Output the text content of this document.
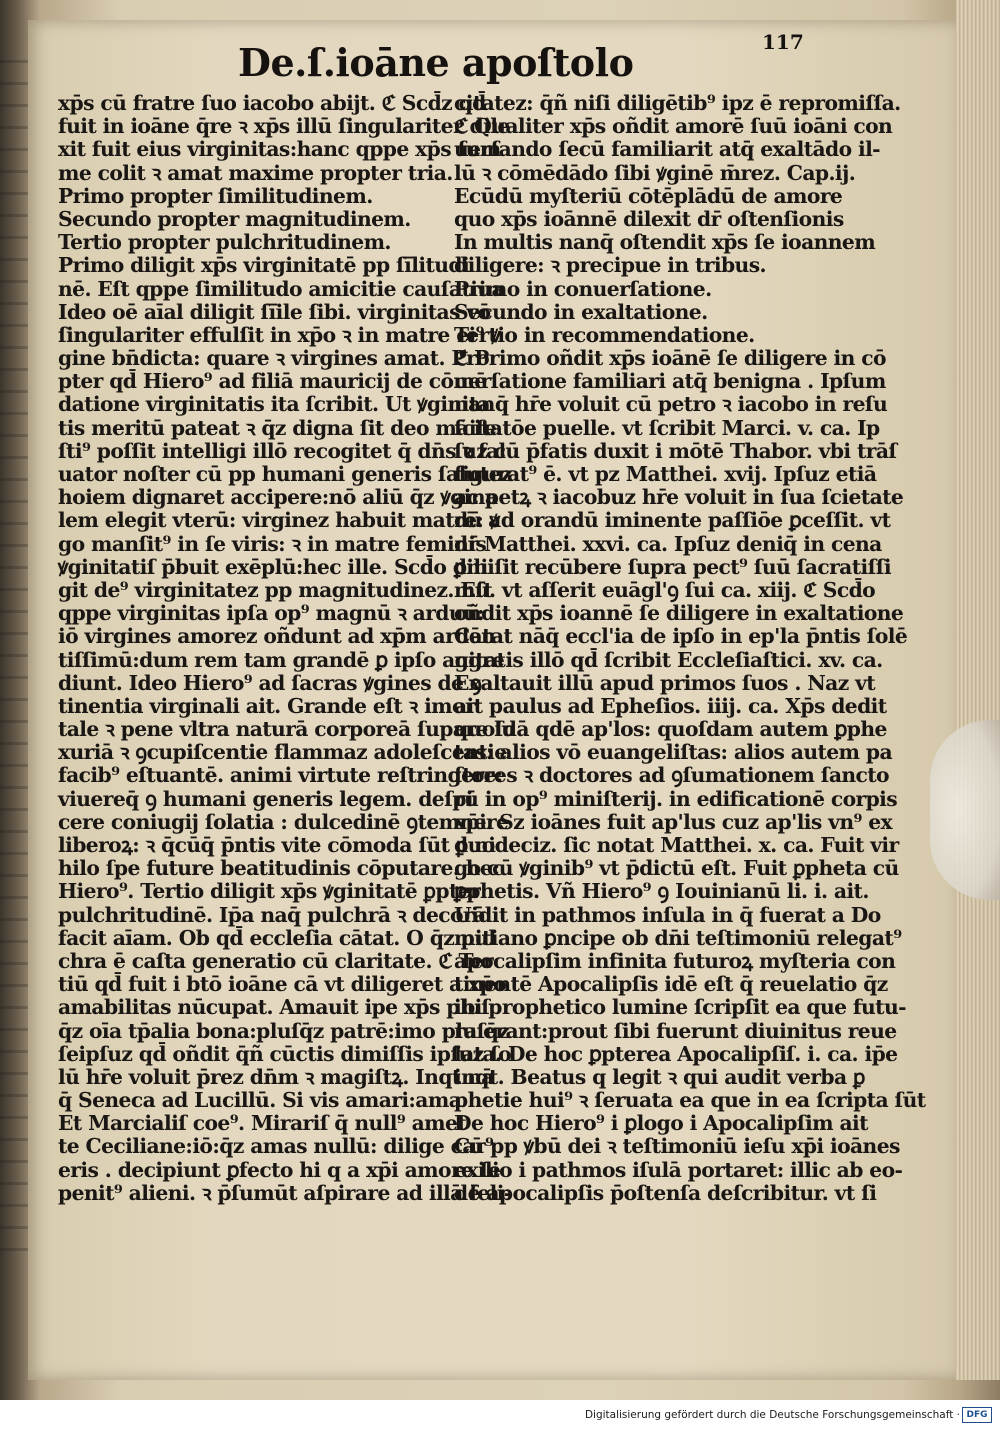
De.ſ.ioāne apoſtolo	117
xp̄s cū fratre ſuo iacobo abijt. ℭ Scd̄z qd̄
fuit in ioāne q̄re ꝛ xp̄s illū ſingulariter dile
xit fuit eius virginitas:hanc qppe xp̄s ſum
me colit ꝛ amat maxime propter tria.
Primo propter ſimilitudinem.
Secundo propter magnitudinem.
Tertio propter pulchritudinem.
Primo diligit xp̄s virginitatē pp ſi̅litudi
nē. Eſt qppe ſimilitudo amicitie cauſatiua
Ideo oē aīal diligit ſi̅ile ſibi. virginitas vō
ſingulariter effulſit in xp̄o ꝛ in matre ei⁹ ꝟ
gine bn̄dicta: quare ꝛ virgines amat. Pro
pter qd̄ Hiero⁹ ad filiā mauricij de cōmē
datione virginitatis ita ſcribit. Ut ꝟginita
tis meritū pateat ꝛ q̄z digna ſit deo māife
ſti⁹ poſſit intelligi illō recogitet q̄ dn̄s ꝛ ſal
uator noſter cū pp humani generis ſalutez
hoiem dignaret accipere:nō aliū q̄z ꝟgina
lem elegit vterū: virginez habuit matrē: ꝟ
go manſit⁹ in ſe viris: ꝛ in matre feminis
ꝟginitatiſ p̄buit exēplū:hec ille. Scd̄o dili
git de⁹ virginitatez pp magnitudinez. Eſt
qppe virginitas ipſa op⁹ magnū ꝛ arduū:
iō virgines amorez oñdunt ad xp̄m arden
tiſſimū:dum rem tam grandē ꝑ ipſo aggre
diunt. Ideo Hiero⁹ ad ſacras ꝟgines de ꝯ
tinentia virginali ait. Grande eſt ꝛ imor
tale ꝛ pene vltra naturā corporeā ſupare lu
xuriā ꝛ ꝯcupiſcentie flammaz adoleſcentie
facib⁹ eſtuantē. animi virtute reſtringere:
viuereq̄ ꝯ humani generis legem. deſpi
cere coniugij ſolatia : dulcedinē ꝯtemnere
liberoꝝ: ꝛ q̄cūq̄ p̄ntis vite cōmoda ſūt ꝑ ni
hilo ſpe future beatitudinis cōputare. hec
Hiero⁹. Tertio diligit xp̄s ꝟginitatē ꝑpter
pulchritudinē. Ip̄a naq̄ pulchrā ꝛ decorā
facit aīam. Ob qd̄ eccleſia cātat. O q̄z pul
chra ē caſta generatio cū claritate. ℭ Ter
tiū qd̄ fuit i btō ioāne cā vt diligeret a xp̄o
amabilitas nūcupat. Amauit ipe xp̄s pluſ
q̄z oīa tp̄alia bona:pluſq̄z patrē:imo pluſq̄z
ſeipſuz qd̄ oñdit q̄ñ cūctis dimiſſis ipſuz ſo
lū hr̄e voluit p̄rez dn̄m ꝛ magiſtꝝ. Inqt nā
q̄ Seneca ad Lucillū. Si vis amari:ama
Et Marcialiſ coe⁹. Mirariſ q̄ null⁹ amet
te Ceciliane:iō:q̄z amas nullū: dilige car⁹
eris . decipiunt ꝑfecto hi q a xp̄i amore ſe
penit⁹ alieni. ꝛ p̄ſumūt aſpirare ad illā feli-
citatez: q̄ñ niſi diligētib⁹ ipz ē repromiſſa.
ℭ Qualiter xp̄s oñdit amorē ſuū ioāni con
uerſando ſecū familiarit atq̄ exaltādo il-
lū ꝛ cōmēdādo ſibi ꝟginē m̄rez. Cap.ij.
Ecūdū myſteriū cōtēplādū de amore
quo xp̄s ioānnē dilexit dr̄ oſtenſionis
In multis nanq̄ oſtendit xp̄s ſe ioannem
diligere: ꝛ precipue in tribus.
Primo in conuerſatione.
Secundo in exaltatione.
Tertio in recommendatione.
ℭ Primo oñdit xp̄s ioānē ſe diligere in cō
uerſatione familiari atq̄ benigna . Ipſum
nanq̄ hr̄e voluit cū petro ꝛ iacobo in reſu
ſcitatōe puelle. vt ſcribit Marci. v. ca. Ip
ſuz cū p̄fatis duxit i mōtē Thabor. vbi trāſ
figurat⁹ ē. vt pz Matthei. xvij. Ipſuz etiā
ac petꝝ ꝛ iacobuz hr̄e voluit in ſua ſcietate
dū ad orandū iminente paſſiōe ꝑceſſit. vt
dr̄ Matthei. xxvi. ca. Ipſuz deniq̄ in cena
ꝑmiſit recūbere ſupra pect⁹ ſuū ſacratiſſi
mū. vt aſſerit euāgl'ꝯ ſui ca. xiij. ℭ Scd̄o
oñdit xp̄s ioannē ſe diligere in exaltatione
Cātat nāq̄ eccl'ia de ipſo in ep'la p̄ntis ſolē
nitatis illō qd̄ ſcribit Eccleſiaſtici. xv. ca.
Exaltauit illū apud primos ſuos . Naz vt
ait paulus ad Epheſios. iiij. ca. Xp̄s dedit
quoſdā qdē ap'los: quoſdam autem ꝑphe
tas: alios vō euangeliſtas: alios autem pa
ſtores ꝛ doctores ad ꝯſumationem ſancto
rū in op⁹ miniſterij. in edificationē corpis
xp̄i. Sz ioānes fuit ap'lus cuz ap'lis vn⁹ ex
duodeciz. ſic notat Matthei. x. ca. Fuit vir
go cū ꝟginib⁹ vt p̄dictū eſt. Fuit ꝑpheta cū
ꝑphetis. Vñ Hiero⁹ ꝯ Iouinianū li. i. ait.
Uidit in pathmos inſula in q̄ fuerat a Do
mitiano ꝑncipe ob dn̄i teſtimoniū relegat⁹
apocalipſim infinita futuroꝝ myſteria con
tinentē Apocalipſis idē eſt q̄ reuelatio q̄z
ibi prophetico lumine ſcripſit ea que futu-
ra erant:prout ſibi fuerunt diuinitus reue
lata. De hoc ꝑpterea Apocalipſiſ. i. ca. ip̄e
inqt. Beatus q legit ꝛ qui audit verba ꝑ
phetie hui⁹ ꝛ ſeruata ea que in ea ſcripta ſūt
De hoc Hiero⁹ i ꝑlogo i Apocalipſim ait
Cū pp ꝟbū dei ꝛ teſtimoniū ieſu xp̄i ioānes
exilio i pathmos iſulā portaret: illic ab eo-
dē apocalipſis p̄oſtenſa deſcribitur. vt ſi
Digitalisierung gefördert durch die Deutsche Forschungsgemeinschaft · DFG
